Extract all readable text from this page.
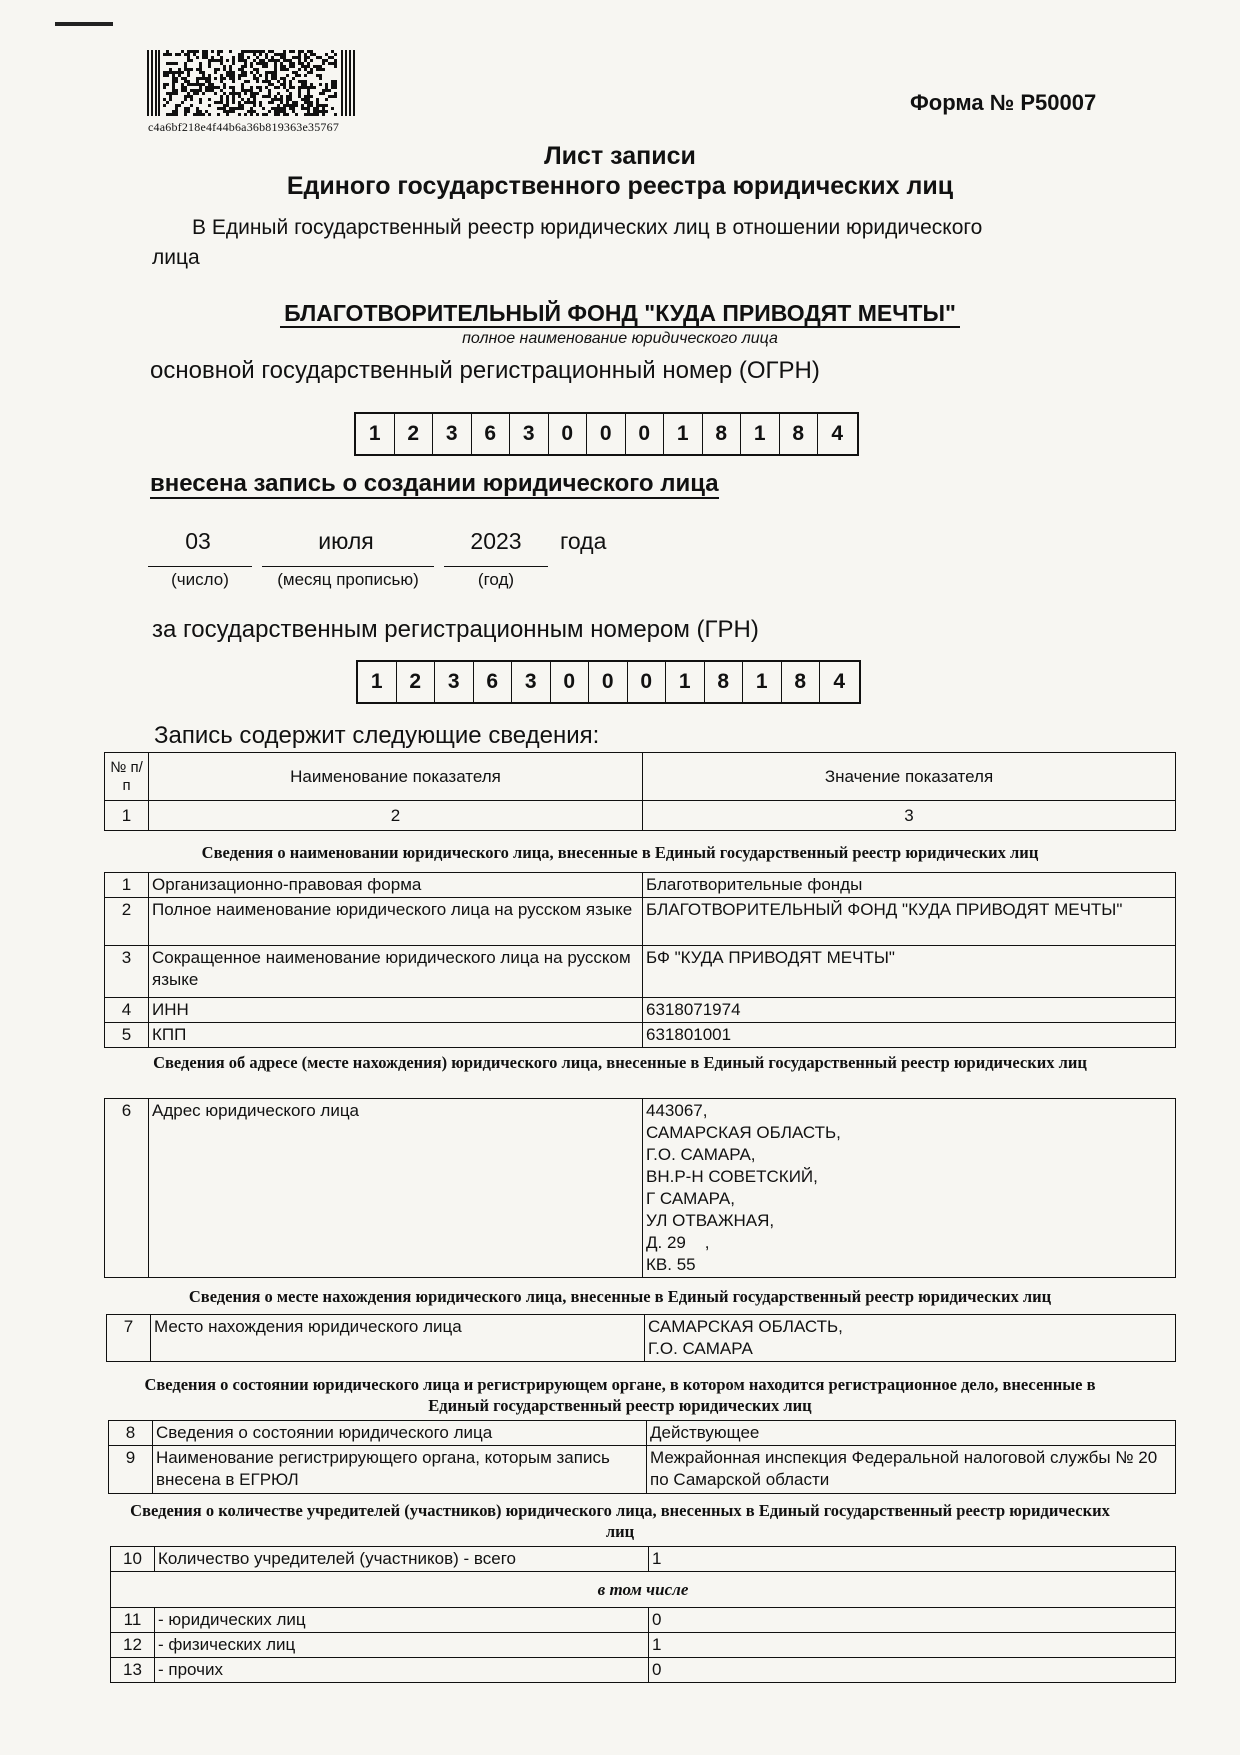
c4a6bf218e4f44b6a36b819363e35767
Форма № Р50007
Лист записи
Единого государственного реестра юридических лиц
В Единый государственный реестр юридических лиц в отношении юридического
лица
БЛАГОТВОРИТЕЛЬНЫЙ ФОНД "КУДА ПРИВОДЯТ МЕЧТЫ"
полное наименование юридического лица
основной государственный регистрационный номер (ОГРН)
1	2	3	6	3	0	0	0	1	8	1	8	4
внесена запись о создании юридического лица
03
(число)
июля
(месяц прописью)
2023
(год)
года
за государственным регистрационным номером (ГРН)
1	2	3	6	3	0	0	0	1	8	1	8	4
Запись содержит следующие сведения:
№ п/п	Наименование показателя	Значение показателя
1	2	3
Сведения о наименовании юридического лица, внесенные в Единый государственный реестр юридических лиц
1	Организационно-правовая форма	Благотворительные фонды
2	Полное наименование юридического лица на русском языке	БЛАГОТВОРИТЕЛЬНЫЙ ФОНД "КУДА ПРИВОДЯТ МЕЧТЫ"
3	Сокращенное наименование юридического лица на русском языке	БФ "КУДА ПРИВОДЯТ МЕЧТЫ"
4	ИНН	6318071974
5	КПП	631801001
Сведения об адресе (месте нахождения) юридического лица, внесенные в Единый государственный реестр юридических лиц
6	Адрес юридического лица	443067,
САМАРСКАЯ ОБЛАСТЬ,
Г.О. САМАРА,
ВН.Р-Н СОВЕТСКИЙ,
Г САМАРА,
УЛ ОТВАЖНАЯ,
Д. 29    ,
КВ. 55
Сведения о месте нахождения юридического лица, внесенные в Единый государственный реестр юридических лиц
7	Место нахождения юридического лица	САМАРСКАЯ ОБЛАСТЬ,
Г.О. САМАРА
Сведения о состоянии юридического лица и регистрирующем органе, в котором находится регистрационное дело, внесенные в Единый государственный реестр юридических лиц
8	Сведения о состоянии юридического лица	Действующее
9	Наименование регистрирующего органа, которым запись внесена в ЕГРЮЛ	Межрайонная инспекция Федеральной налоговой службы № 20 по Самарской области
Сведения о количестве учредителей (участников) юридического лица, внесенных в Единый государственный реестр юридических лиц
10	Количество учредителей (участников) - всего	1
в том числе		
11	- юридических лиц	0
12	- физических лиц	1
13	- прочих	0
